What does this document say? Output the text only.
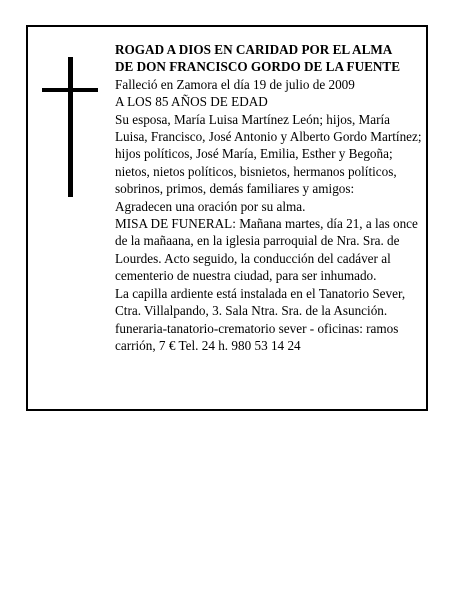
ROGAD A DIOS EN CARIDAD POR EL ALMA

DE DON FRANCISCO GORDO DE LA FUENTE

Falleció en Zamora el día 19 de julio de 2009

A LOS 85 AÑOS DE EDAD

Su esposa, María Luisa Martínez León; hijos, María Luisa, Francisco, José Antonio y Alberto Gordo Martínez; hijos políticos, José María, Emilia, Esther y Begoña; nietos, nietos políticos, bisnietos, hermanos políticos, sobrinos, primos, demás familiares y amigos:

Agradecen una oración por su alma.

MISA DE FUNERAL: Mañana martes, día 21, a las once de la mañaana, en la iglesia parroquial de Nra. Sra. de Lourdes. Acto seguido, la conducción del cadáver al cementerio de nuestra ciudad, para ser inhumado.

La capilla ardiente está instalada en el Tanatorio Sever, Ctra. Villalpando, 3. Sala Ntra. Sra. de la Asunción.

funeraria-tanatorio-crematorio sever - oficinas: ramos carrión, 7 € Tel. 24 h. 980 53 14 24
